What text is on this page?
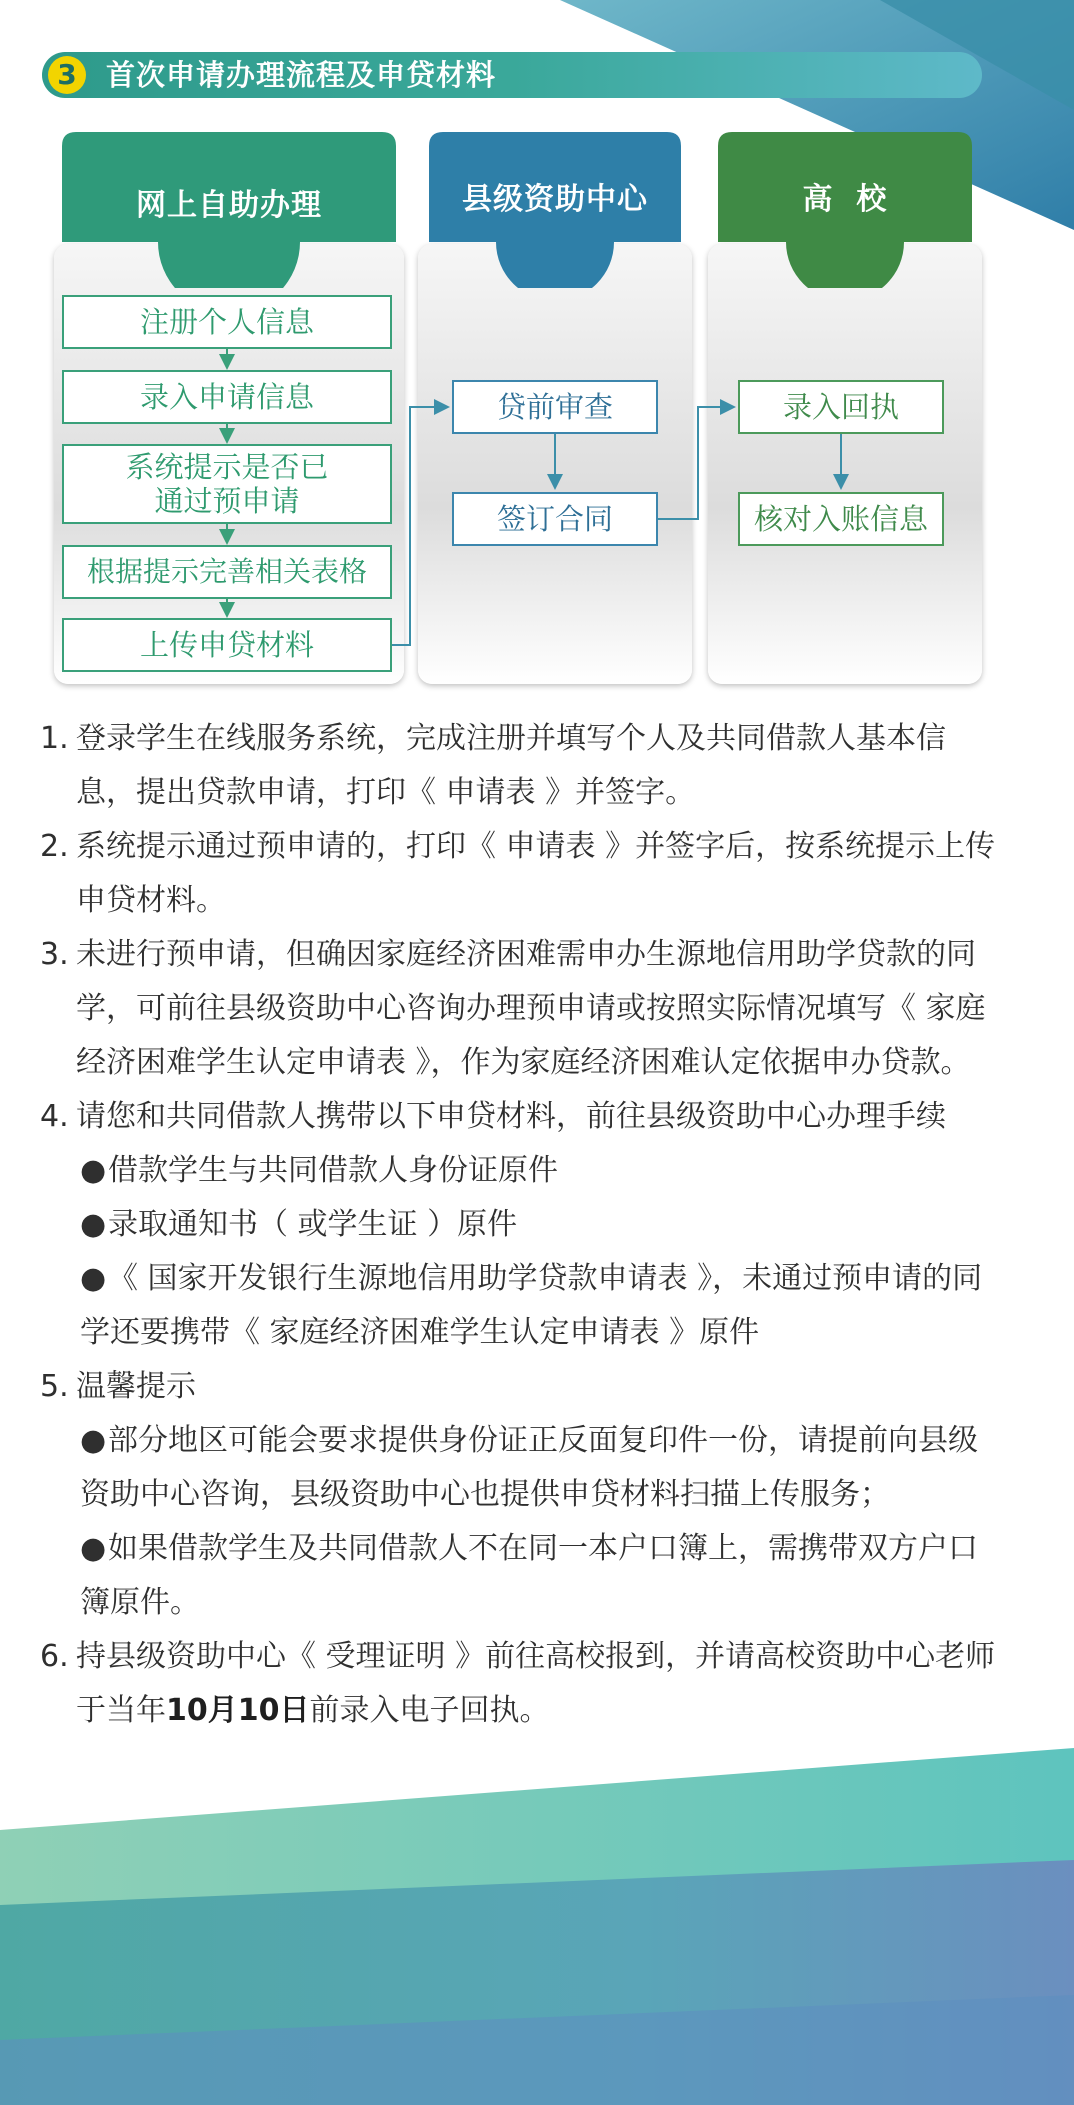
3	首次申请办理流程及申贷材料
网上自助办理	县级资助中心	高  校
注册个人信息
录入申请信息
系统提示是否已
通过预申请
根据提示完善相关表格
上传申贷材料
贷前审查
签订合同
录入回执
核对入账信息
1. 登录学生在线服务系统，完成注册并填写个人及共同借款人基本信息，提出贷款申请，打印《 申请表 》并签字。
2. 系统提示通过预申请的，打印《 申请表 》并签字后，按系统提示上传申贷材料。
3. 未进行预申请，但确因家庭经济困难需申办生源地信用助学贷款的同学，可前往县级资助中心咨询办理预申请或按照实际情况填写《 家庭经济困难学生认定申请表 》，作为家庭经济困难认定依据申办贷款。
4. 请您和共同借款人携带以下申贷材料，前往县级资助中心办理手续
●借款学生与共同借款人身份证原件
●录取通知书（ 或学生证 ）原件
●《 国家开发银行生源地信用助学贷款申请表 》，未通过预申请的同学还要携带《 家庭经济困难学生认定申请表 》原件
5. 温馨提示
●部分地区可能会要求提供身份证正反面复印件一份，请提前向县级资助中心咨询，县级资助中心也提供申贷材料扫描上传服务；
●如果借款学生及共同借款人不在同一本户口簿上，需携带双方户口簿原件。
6. 持县级资助中心《 受理证明 》前往高校报到，并请高校资助中心老师于当年10月10日前录入电子回执。
